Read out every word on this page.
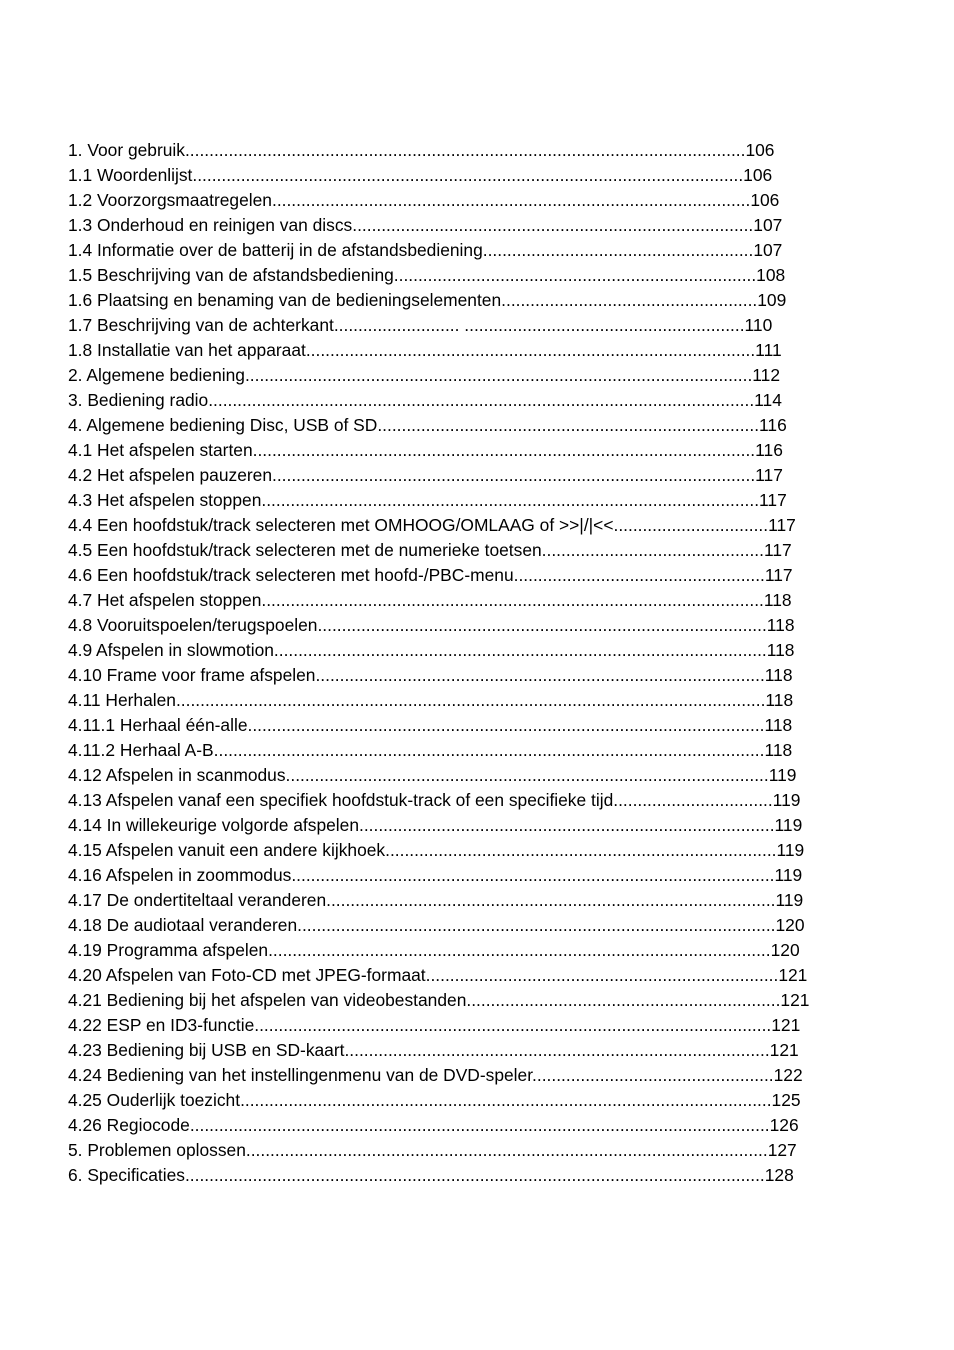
1. Voor gebruik....................................................................................................................106
1.1 Woordenlijst..................................................................................................................106
1.2 Voorzorgsmaatregelen...................................................................................................106
1.3 Onderhoud en reinigen van discs...................................................................................107
1.4 Informatie over de batterij in de afstandsbediening........................................................107
1.5 Beschrijving van de afstandsbediening...........................................................................108
1.6 Plaatsing en benaming van de bedieningselementen.....................................................109
1.7 Beschrijving van de achterkant.......................... ..........................................................110
1.8 Installatie van het apparaat.............................................................................................111
2. Algemene bediening.........................................................................................................112
3. Bediening radio.................................................................................................................114
4. Algemene bediening Disc, USB of SD...............................................................................116
4.1 Het afspelen starten........................................................................................................116
4.2 Het afspelen pauzeren....................................................................................................117
4.3 Het afspelen stoppen.......................................................................................................117
4.4 Een hoofdstuk/track selecteren met OMHOOG/OMLAAG of >>|/|<<................................117
4.5 Een hoofdstuk/track selecteren met de numerieke toetsen..............................................117
4.6 Een hoofdstuk/track selecteren met hoofd-/PBC-menu....................................................117
4.7 Het afspelen stoppen........................................................................................................118
4.8 Vooruitspoelen/terugspoelen.............................................................................................118
4.9 Afspelen in slowmotion......................................................................................................118
4.10 Frame voor frame afspelen.............................................................................................118
4.11 Herhalen..........................................................................................................................118
4.11.1 Herhaal één-alle...........................................................................................................118
4.11.2 Herhaal A-B..................................................................................................................118
4.12 Afspelen in scanmodus....................................................................................................119
4.13 Afspelen vanaf een specifiek hoofdstuk-track of een specifieke tijd.................................119
4.14 In willekeurige volgorde afspelen......................................................................................119
4.15 Afspelen vanuit een andere kijkhoek.................................................................................119
4.16 Afspelen in zoommodus....................................................................................................119
4.17 De ondertiteltaal veranderen.............................................................................................119
4.18 De audiotaal veranderen...................................................................................................120
4.19 Programma afspelen........................................................................................................120
4.20 Afspelen van Foto-CD met JPEG-formaat.........................................................................121
4.21 Bediening bij het afspelen van videobestanden.................................................................121
4.22 ESP en ID3-functie...........................................................................................................121
4.23 Bediening bij USB en SD-kaart........................................................................................121
4.24 Bediening van het instellingenmenu van de DVD-speler..................................................122
4.25 Ouderlijk toezicht..............................................................................................................125
4.26 Regiocode........................................................................................................................126
5. Problemen oplossen............................................................................................................127
6. Specificaties........................................................................................................................128
